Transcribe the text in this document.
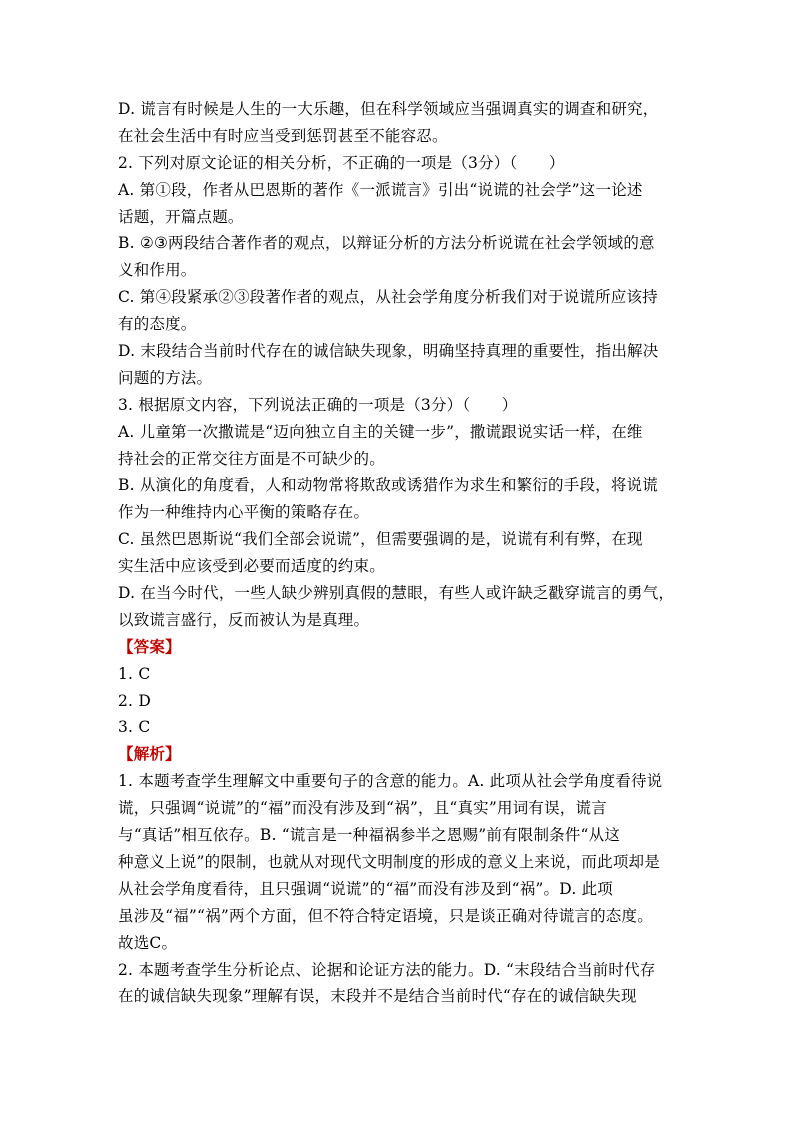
D. 谎言有时候是人生的一大乐趣，但在科学领域应当强调真实的调查和研究，
在社会生活中有时应当受到惩罚甚至不能容忍。
2. 下列对原文论证的相关分析，不正确的一项是（3分）（　　）
A. 第①段，作者从巴恩斯的著作《一派谎言》引出“说谎的社会学”这一论述
话题，开篇点题。
B. ②③两段结合著作者的观点，以辩证分析的方法分析说谎在社会学领域的意
义和作用。
C. 第④段紧承②③段著作者的观点，从社会学角度分析我们对于说谎所应该持
有的态度。
D. 末段结合当前时代存在的诚信缺失现象，明确坚持真理的重要性，指出解决
问题的方法。
3. 根据原文内容，下列说法正确的一项是（3分）（　　）
A. 儿童第一次撒谎是“迈向独立自主的关键一步”，撒谎跟说实话一样，在维
持社会的正常交往方面是不可缺少的。
B. 从演化的角度看，人和动物常将欺敌或诱猎作为求生和繁衍的手段，将说谎
作为一种维持内心平衡的策略存在。
C. 虽然巴恩斯说“我们全部会说谎”，但需要强调的是，说谎有利有弊，在现
实生活中应该受到必要而适度的约束。
D. 在当今时代，一些人缺少辨别真假的慧眼，有些人或许缺乏戳穿谎言的勇气，
以致谎言盛行，反而被认为是真理。
【答案】
1. C
2. D
3. C
【解析】
1. 本题考查学生理解文中重要句子的含意的能力。A. 此项从社会学角度看待说
谎，只强调“说谎”的“福”而没有涉及到“祸”，且“真实”用词有误，谎言
与“真话”相互依存。B. “谎言是一种福祸参半之恩赐”前有限制条件“从这
种意义上说”的限制，也就从对现代文明制度的形成的意义上来说，而此项却是
从社会学角度看待，且只强调“说谎”的“福”而没有涉及到“祸”。D. 此项
虽涉及“福”“祸”两个方面，但不符合特定语境，只是谈正确对待谎言的态度。
故选C。
2. 本题考查学生分析论点、论据和论证方法的能力。D. “末段结合当前时代存
在的诚信缺失现象”理解有误，末段并不是结合当前时代“存在的诚信缺失现
